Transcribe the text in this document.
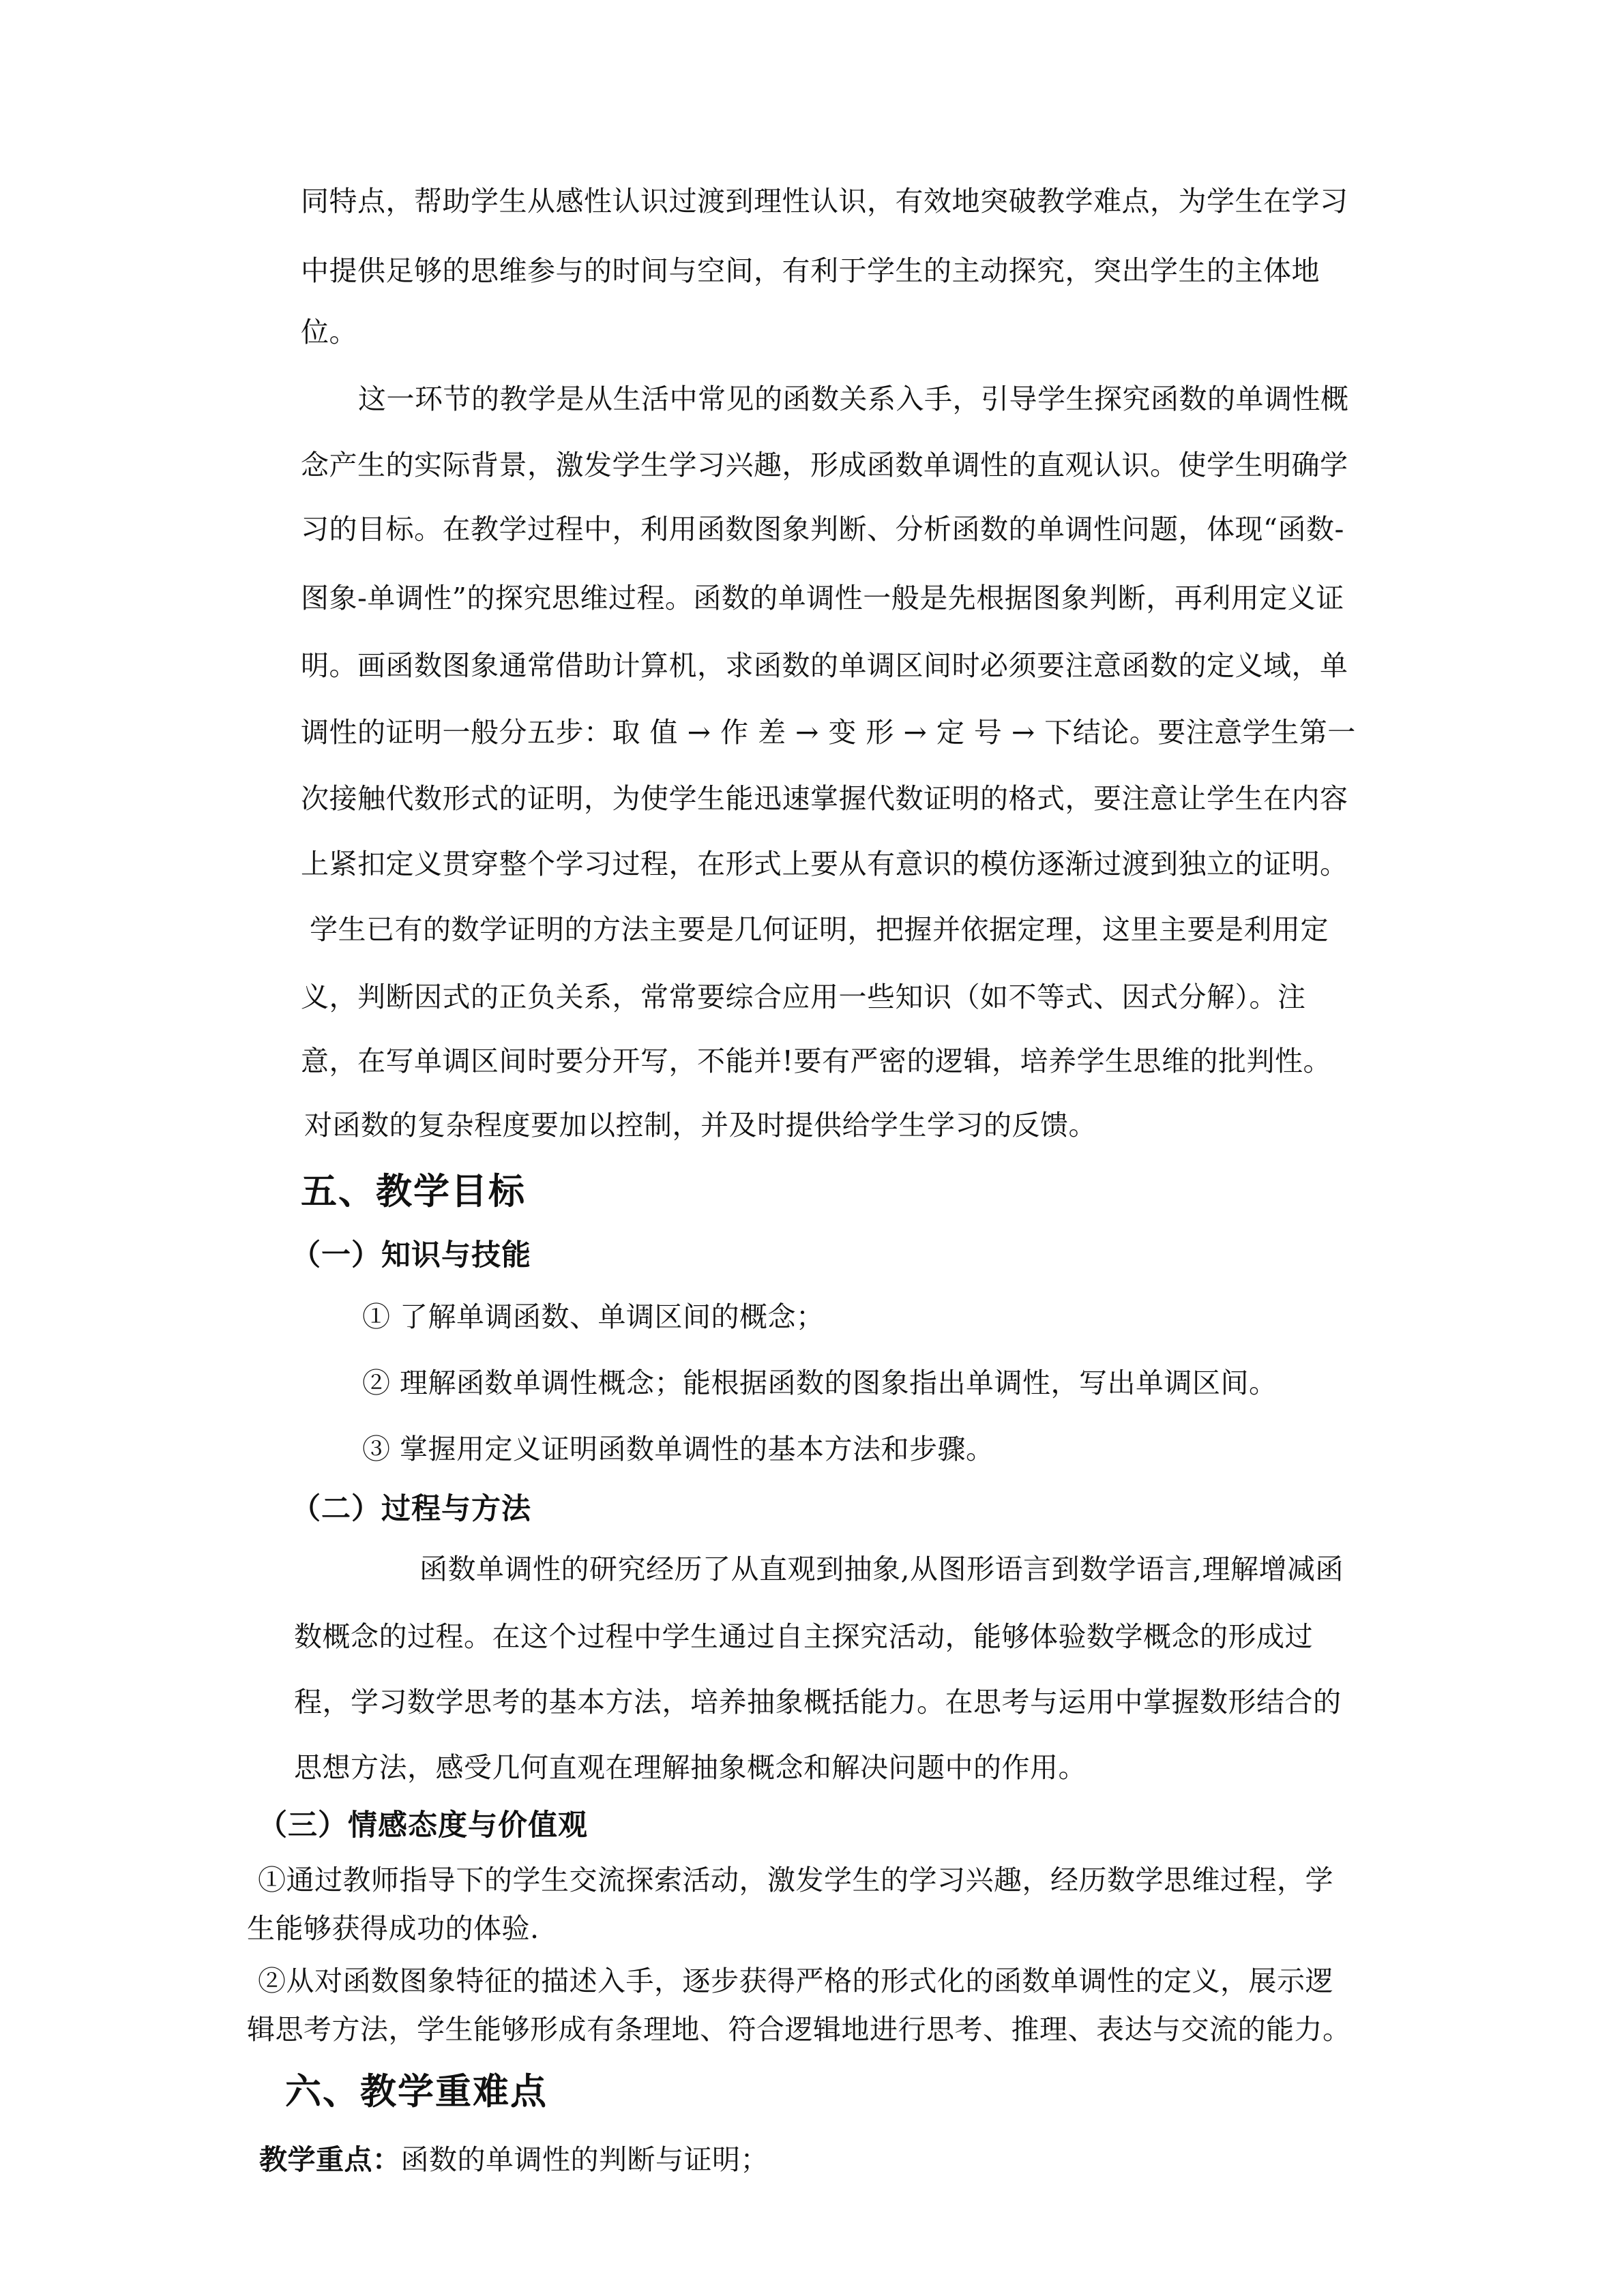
同特点，帮助学生从感性认识过渡到理性认识，有效地突破教学难点，为学生在学习
中提供足够的思维参与的时间与空间，有利于学生的主动探究，突出学生的主体地
位。
这一环节的教学是从生活中常见的函数关系入手，引导学生探究函数的单调性概
念产生的实际背景，激发学生学习兴趣，形成函数单调性的直观认识。使学生明确学
习的目标。在教学过程中，利用函数图象判断、分析函数的单调性问题，体现“函数-
图象-单调性”的探究思维过程。函数的单调性一般是先根据图象判断，再利用定义证
明。画函数图象通常借助计算机，求函数的单调区间时必须要注意函数的定义域，单
调性的证明一般分五步：取 值 → 作 差 → 变 形 → 定 号 → 下结论。要注意学生第一
次接触代数形式的证明，为使学生能迅速掌握代数证明的格式，要注意让学生在内容
上紧扣定义贯穿整个学习过程，在形式上要从有意识的模仿逐渐过渡到独立的证明。
学生已有的数学证明的方法主要是几何证明，把握并依据定理，这里主要是利用定
义，判断因式的正负关系，常常要综合应用一些知识（如不等式、因式分解）。注
意，在写单调区间时要分开写，不能并!要有严密的逻辑，培养学生思维的批判性。
对函数的复杂程度要加以控制，并及时提供给学生学习的反馈。
五、教学目标
（一）知识与技能
① 了解单调函数、单调区间的概念；
② 理解函数单调性概念；能根据函数的图象指出单调性，写出单调区间。
③ 掌握用定义证明函数单调性的基本方法和步骤。
（二）过程与方法
函数单调性的研究经历了从直观到抽象,从图形语言到数学语言,理解增减函
数概念的过程。在这个过程中学生通过自主探究活动，能够体验数学概念的形成过
程，学习数学思考的基本方法，培养抽象概括能力。在思考与运用中掌握数形结合的
思想方法，感受几何直观在理解抽象概念和解决问题中的作用。
（三）情感态度与价值观
①通过教师指导下的学生交流探索活动，激发学生的学习兴趣，经历数学思维过程，学
生能够获得成功的体验.
②从对函数图象特征的描述入手，逐步获得严格的形式化的函数单调性的定义，展示逻
辑思考方法，学生能够形成有条理地、符合逻辑地进行思考、推理、表达与交流的能力。
六、教学重难点
教学重点：函数的单调性的判断与证明；
